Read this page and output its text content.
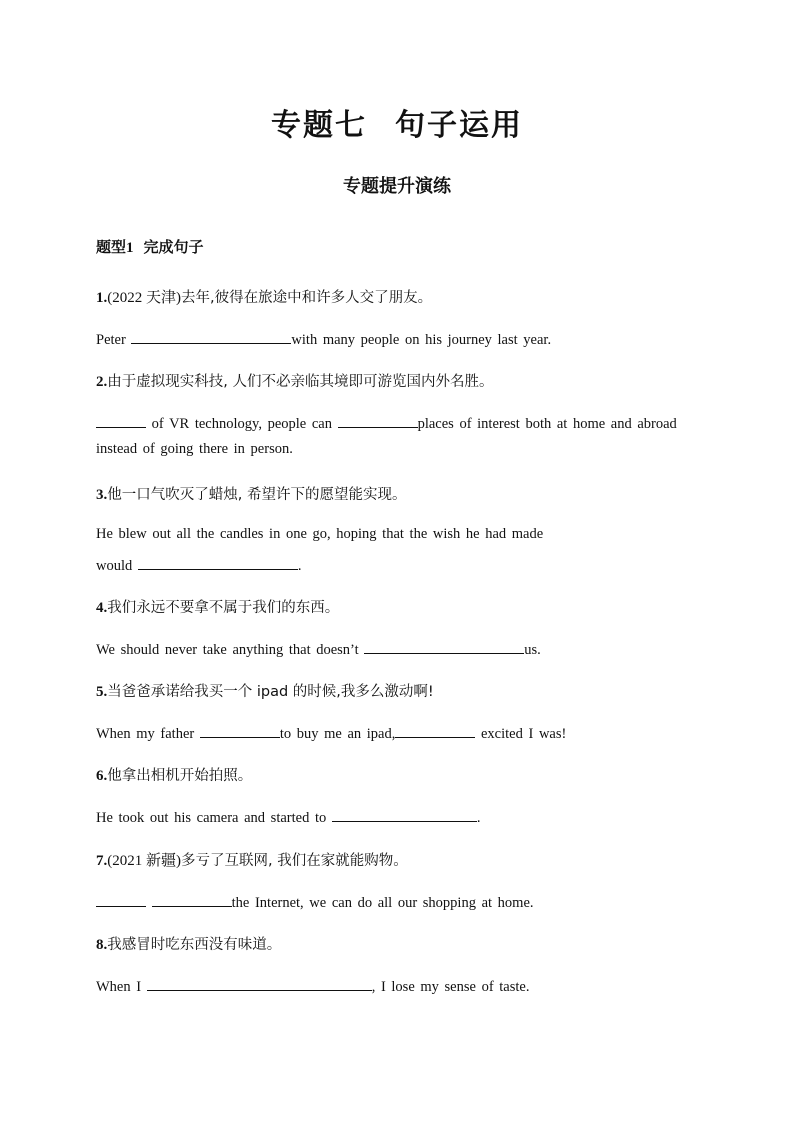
专题七 句子运用
专题提升演练
题型1 完成句子
1.(2022 天津)去年,彼得在旅途中和许多人交了朋友。
Peter	with many people on his journey last year.
2.由于虚拟现实科技, 人们不必亲临其境即可游览国内外名胜。
of VR technology, people can	places of interest both at home and abroad
instead of going there in person.
3.他一口气吹灭了蜡烛, 希望许下的愿望能实现。
He blew out all the candles in one go, hoping that the wish he had made
would	.
4.我们永远不要拿不属于我们的东西。
We should never take anything that doesn’t	us.
5.当爸爸承诺给我买一个 ipad 的时候,我多么激动啊!
When my father	to buy me an ipad,	excited I was!
6.他拿出相机开始拍照。
He took out his camera and started to	.
7.(2021 新疆)多亏了互联网, 我们在家就能购物。
the Internet, we can do all our shopping at home.
8.我感冒时吃东西没有味道。
When I	, I lose my sense of taste.
